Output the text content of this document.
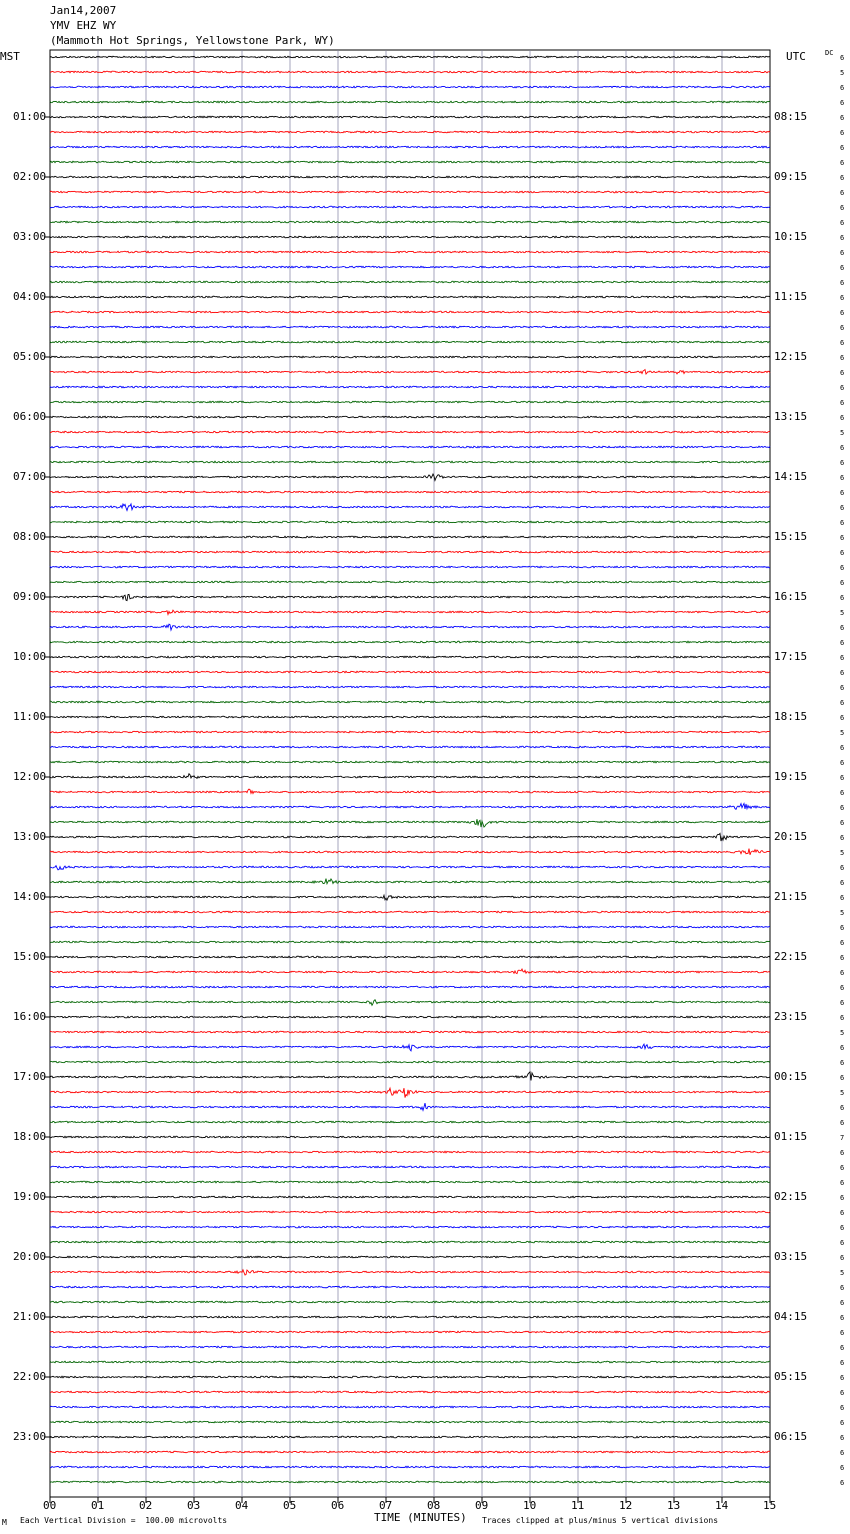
Jan14,2007
YMV EHZ WY
(Mammoth Hot Springs, Yellowstone Park, WY)
MST	UTC	DC
6
5
6
6
6
6
6
6
6
6
6
6
6
6
6
6
6
6
6
6
6
6
6
6
6
5
6
6
6
6
6
6
6
6
6
6
6
5
6
6
6
6
6
6
6
5
6
6
6
6
6
6
6
5
6
6
6
5
6
6
6
6
6
6
6
5
6
6
6
5
6
6
7
6
6
6
6
6
6
6
6
5
6
6
6
6
6
6
6
6
6
6
6
6
6
6
01:00	08:15
02:00	09:15
03:00	10:15
04:00	11:15
05:00	12:15
06:00	13:15
07:00	14:15
08:00	15:15
09:00	16:15
10:00	17:15
11:00	18:15
12:00	19:15
13:00	20:15
14:00	21:15
15:00	22:15
16:00	23:15
17:00	00:15
18:00	01:15
19:00	02:15
20:00	03:15
21:00	04:15
22:00	05:15
23:00	06:15
00	01	02	03	04	05	06	07	08	09	10	11	12	13	14	15
M Each Vertical Division =  100.00 microvolts	TIME (MINUTES) Traces clipped at plus/minus 5 vertical divisions
